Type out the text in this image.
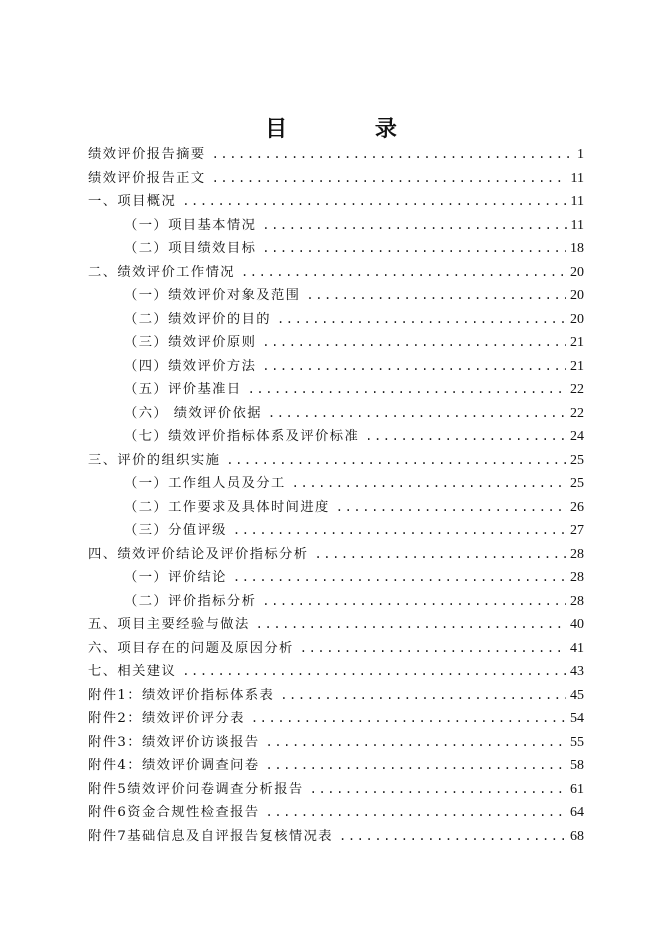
目 录
绩效评价报告摘要 .....	1
绩效评价报告正文 .....	11
一、项目概况 .....	11
（一）项目基本情况 .....	11
（二）项目绩效目标 .....	18
二、绩效评价工作情况 .....	20
（一）绩效评价对象及范围 .....	20
（二）绩效评价的目的 .....	20
（三）绩效评价原则 .....	21
（四）绩效评价方法 .....	21
（五）评价基准日 .....	22
（六） 绩效评价依据 .....	22
（七）绩效评价指标体系及评价标准 .....	24
三、评价的组织实施 .....	25
（一）工作组人员及分工 .....	25
（二）工作要求及具体时间进度 .....	26
（三）分值评级 .....	27
四、绩效评价结论及评价指标分析 .....	28
（一）评价结论 .....	28
（二）评价指标分析 .....	28
五、项目主要经验与做法 .....	40
六、项目存在的问题及原因分析 .....	41
七、相关建议 .....	43
附件1：绩效评价指标体系表 .....	45
附件2：绩效评价评分表 .....	54
附件3：绩效评价访谈报告 .....	55
附件4：绩效评价调查问卷 .....	58
附件5绩效评价问卷调查分析报告 .....	61
附件6资金合规性检查报告 .....	64
附件7基础信息及自评报告复核情况表 .....	68
